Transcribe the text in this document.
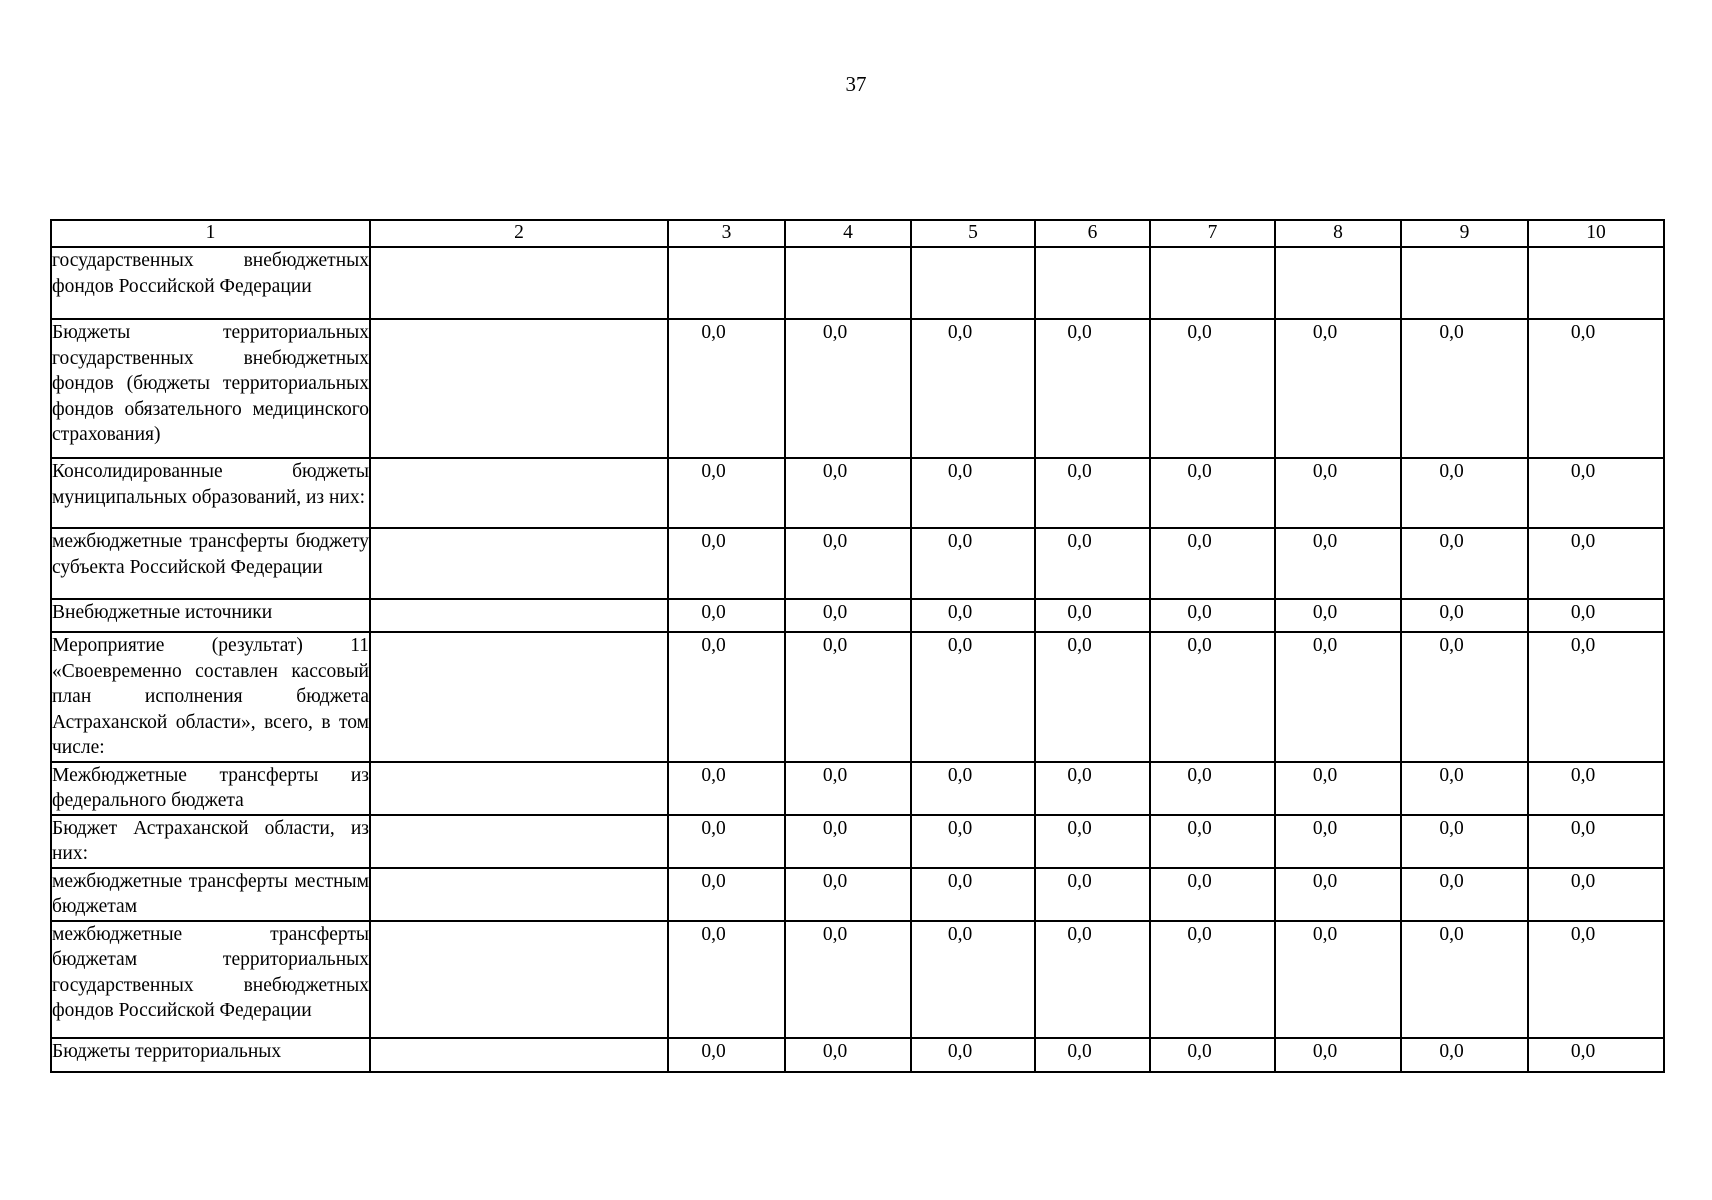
37
1	2	3	4	5	6	7	8	9	10
государственных внебюджетных фондов Российской Федерации									
Бюджеты территориальных государственных внебюджетных фондов (бюджеты территориальных фондов обязательного медицинского страхования)		0,0	0,0	0,0	0,0	0,0	0,0	0,0	0,0
Консолидированные бюджеты муниципальных образований, из них:		0,0	0,0	0,0	0,0	0,0	0,0	0,0	0,0
межбюджетные трансферты бюджету субъекта Российской Федерации		0,0	0,0	0,0	0,0	0,0	0,0	0,0	0,0
Внебюджетные источники		0,0	0,0	0,0	0,0	0,0	0,0	0,0	0,0
Мероприятие (результат) 11 «Своевременно составлен кассовый план исполнения бюджета Астраханской области», всего, в том числе:		0,0	0,0	0,0	0,0	0,0	0,0	0,0	0,0
Межбюджетные трансферты из федерального бюджета		0,0	0,0	0,0	0,0	0,0	0,0	0,0	0,0
Бюджет Астраханской области, из них:		0,0	0,0	0,0	0,0	0,0	0,0	0,0	0,0
межбюджетные трансферты местным бюджетам		0,0	0,0	0,0	0,0	0,0	0,0	0,0	0,0
межбюджетные трансферты бюджетам территориальных государственных внебюджетных фондов Российской Федерации		0,0	0,0	0,0	0,0	0,0	0,0	0,0	0,0
Бюджеты территориальных		0,0	0,0	0,0	0,0	0,0	0,0	0,0	0,0
